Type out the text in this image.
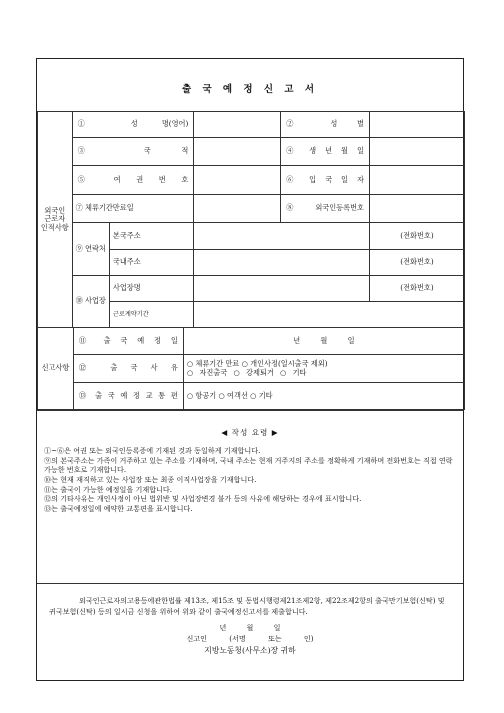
출 국 예 정 신 고 서
외국인 근로자 인적사항	① 성 명(영어)			② 성 별	
	③ 국 적			④ 생 년 월 일	
	⑤ 여 권 번 호			⑥ 입 국 일 자	
	⑦ 체류기간만료일			⑧ 외국인등록번호	
	⑨ 연락처	본국주소			(전화번호)
		국내주소			(전화번호)
	⑩ 사업장	사업장명			(전화번호)
		근로계약기간			
신고사항	⑪ 출 국 예 정 일	년 월 일
	⑫ 출 국 사 유	○ 체류기간 만료 ○ 개인사정(일시출국 제외)
○ 자진출국 ○ 강제퇴거 ○ 기타

	⑬ 출 국 예 정 교 통 편	○ 항공기 ○ 여객선 ○ 기타
◀ 작성 요령 ▶

①~⑥은 여권 또는 외국인등록증에 기재된 것과 동일하게 기재합니다.

⑨의 본국주소는 가족이 거주하고 있는 주소를 기재하며, 국내 주소는 현재 거주지의 주소를 정확하게 기재하며 전화번호는 직접 연락가능한 번호로 기재합니다.

⑩는 현재 재직하고 있는 사업장 또는 최종 이직사업장을 기재합니다.

⑪는 출국이 가능한 예정일을 기재합니다.

⑫의 기타사유는 개인사정이 아닌 법위반 및 사업장변경 불가 등의 사유에 해당하는 경우에 표시합니다.

⑬는 출국예정일에 예약한 교통편을 표시합니다.

외국인근로자의고용등에관한법률 제13조, 제15조 및 동법시행령제21조제2항, 제22조제2항의 출국만기보험(신탁) 및 귀국보험(신탁) 등의 일시금 신청을 위하여 위와 같이 출국예정신고서를 제출합니다.
년 월 일
신고인 (서명 또는 인)
지방노동청(사무소)장 귀하
